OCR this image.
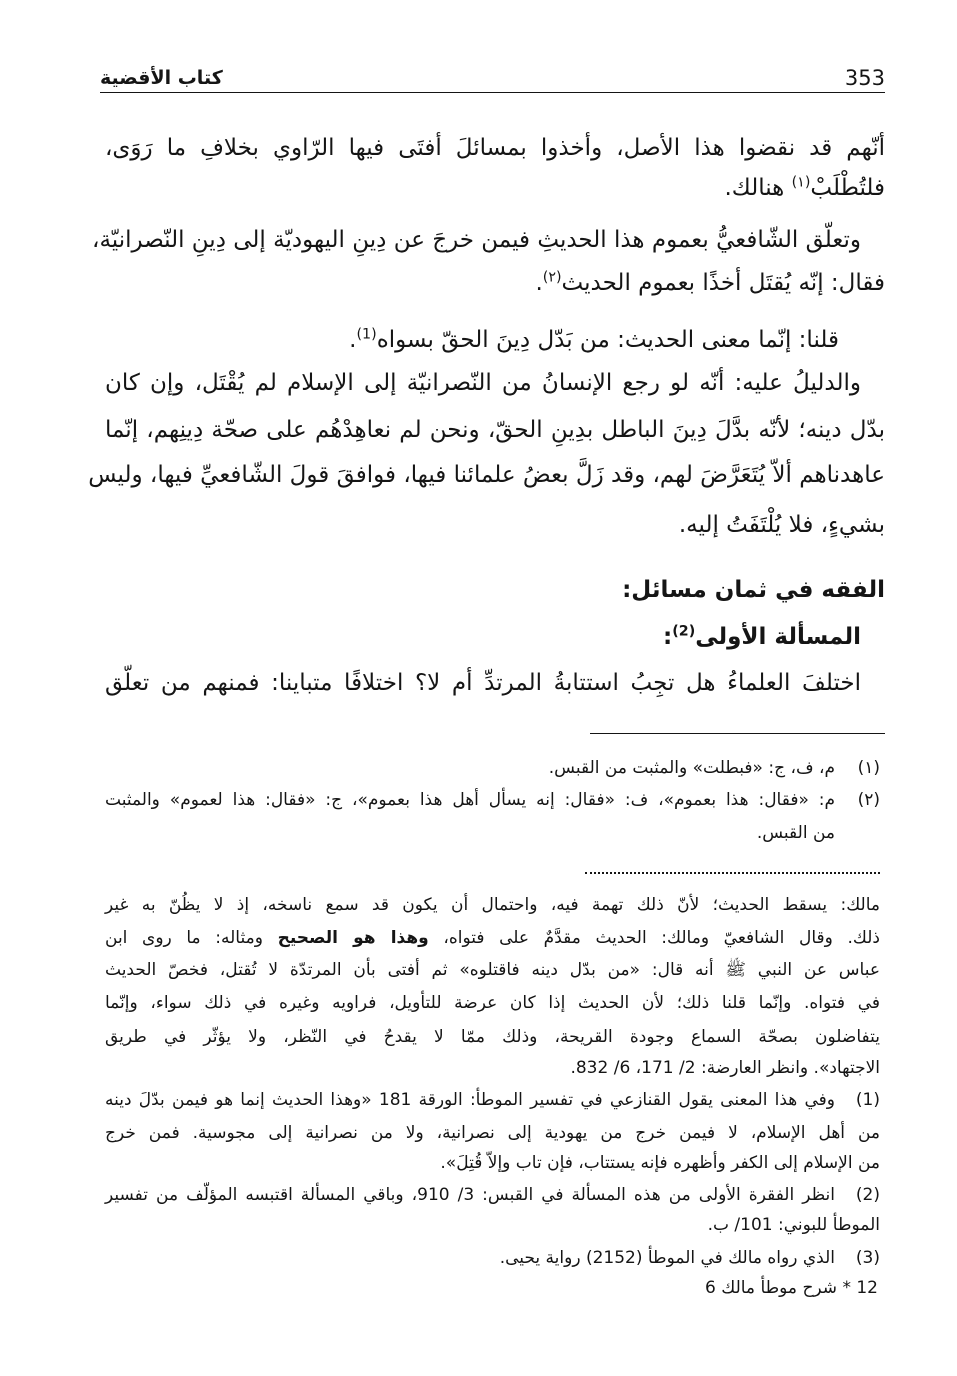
353
كتاب الأقضية
أنّهم قد نقضوا هذا الأصل، وأخذوا بمسائلَ أفتَى فيها الرّاوي بخلافِ ما رَوَى،
فلتُطْلَبْ$^{(١)}$ هنالك.
وتعلّق الشّافعيُّ بعموم هذا الحديثِ فيمن خرجَ عن دِينِ اليهوديّة إلى دِينِ النّصرانيّة،
فقال: إنّه يُقتَل أخذًا بعموم الحديث$^{(٢)}$.
قلنا: إنّما معنى الحديث: من بَدّل دِينَ الحقّ بسواه$^{(1)}$.
والدليلُ عليه: أنّه لو رجع الإنسانُ من النّصرانيّة إلى الإسلام لم يُقْتَل، وإن كان
بدّل دينه؛ لأنّه بدَّلَ دِينَ الباطل بدِينِ الحقّ، ونحن لم نعاهِدْهُم على صحّة دِينِهم، إنّما
عاهدناهم ألاّ يُتَعَرَّضَ لهم، وقد زَلَّ بعضُ علمائنا فيها، فوافقَ قولَ الشّافعيِّ فيها، وليس
بشيءٍ، فلا يُلْتَفَتُ إليه.
الفقه في ثمان مسائل:
المسألة الأولى$^{(2)}$:
اختلفَ العلماءُ هل تجِبُ استتابةُ المرتدِّ أم لا؟ اختلافًا متباينا: فمنهم من تعلّق
(١)
م، ف، ج: «فبطلت» والمثبت من القبس.
(٢)
م: «فقال: هذا بعموم»، ف: «فقال: إنه يسأل أهل هذا بعموم»، ج: «فقال: هذا لعموم» والمثبت
من القبس.
مالك: يسقط الحديث؛ لأنّ ذلك تهمة فيه، واحتمال أن يكون قد سمع ناسخه، إذ لا يظُنّ به غير
ذلك. وقال الشافعيّ ومالك: الحديث مقدَّمٌ على فتواه، وهذا هو الصحيح ومثاله: ما روى ابن
عباس عن النبي ﷺ أنه قال: «من بدّل دينه فاقتلوه» ثم أفتى بأن المرتدّة لا تُقتل، فخصّ الحديث
في فتواه. وإنّما قلنا ذلك؛ لأن الحديث إذا كان عرضة للتأويل، فراويه وغيره في ذلك سواء، وإنّما
يتفاضلون بصحّة السماع وجودة القريحة، وذلك ممّا لا يقدحُ في النّظر، ولا يؤثّر في طريق
الاجتهاد». وانظر العارضة: 2/ 171، 6/ 832.
(1)
وفي هذا المعنى يقول القنازعي في تفسير الموطأ: الورقة 181 «وهذا الحديث إنما هو فيمن بدّلَ دينه
من أهل الإسلام، لا فيمن خرج من يهودية إلى نصرانية، ولا من نصرانية إلى مجوسية. فمن خرج
من الإسلام إلى الكفر وأظهره فإنه يستتاب، فإن تاب وإلاّ قُتِلَ».
(2)
انظر الفقرة الأولى من هذه المسألة في القبس: 3/ 910، وباقي المسألة اقتبسه المؤلّف من تفسير
الموطأ للبوني: 101/ ب.
(3)
الذي رواه مالك في الموطأ (2152) رواية يحيى.
12 * شرح موطأ مالك 6
